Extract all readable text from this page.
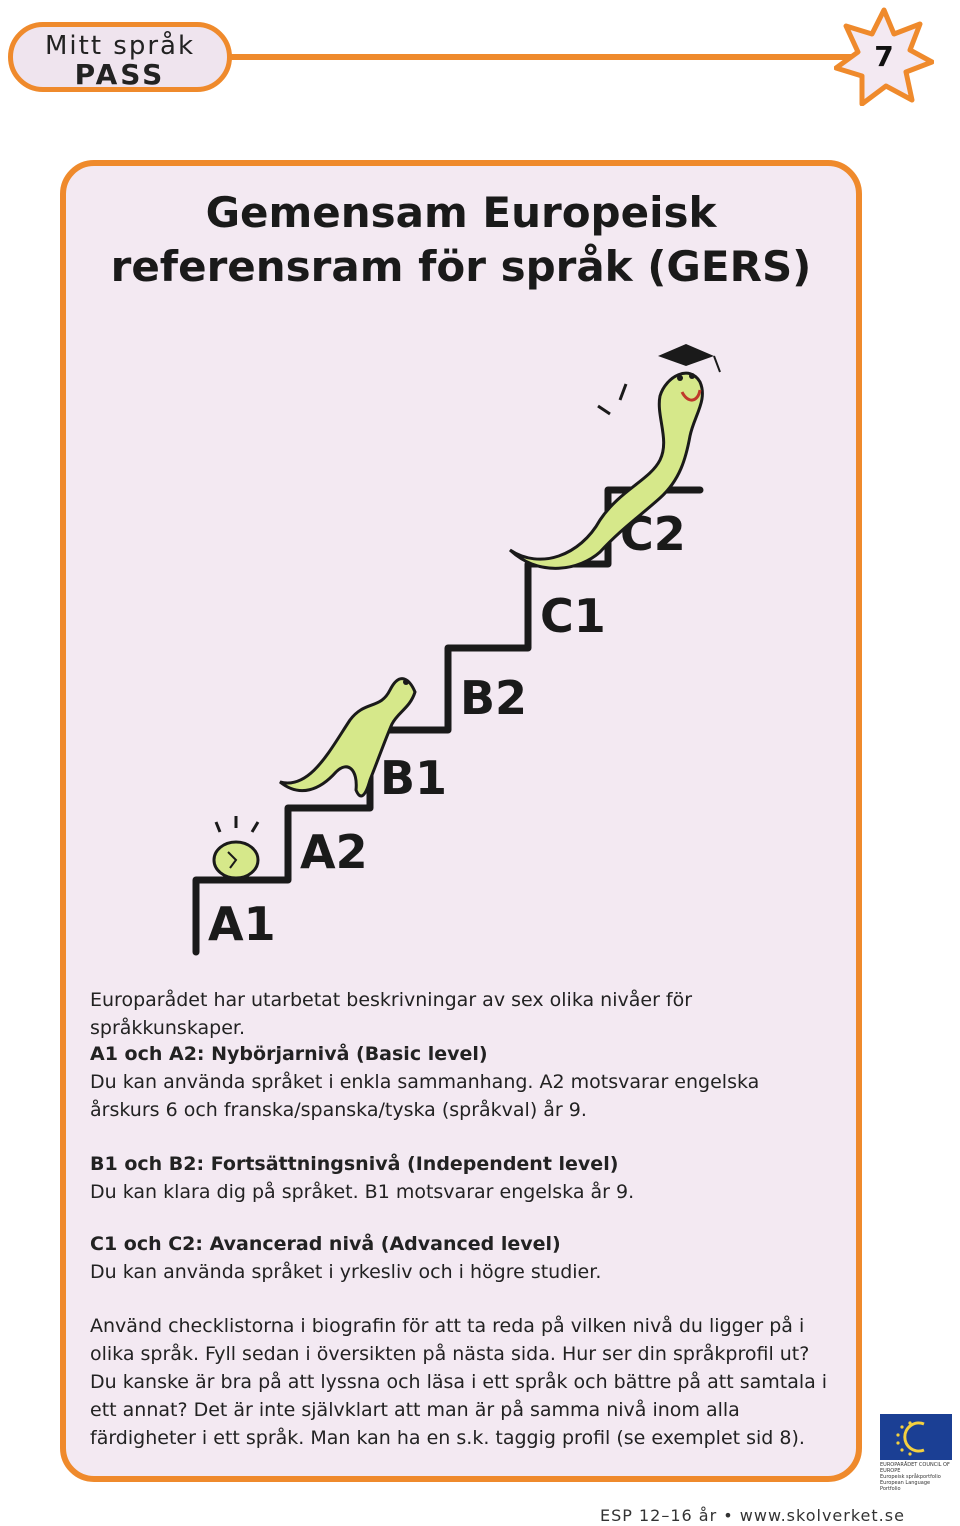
Mitt språk
PASS
7
Gemensam Europeisk
referensram för språk (GERS)
A1
A2
B1
B2
C1
C2

Europarådet har utarbetat beskrivningar av sex olika nivåer för språkkunskaper.

A1 och A2: Nybörjarnivå (Basic level)

Du kan använda språket i enkla sammanhang. A2 motsvarar engelska

årskurs 6 och franska/spanska/tyska (språkval) år 9.

B1 och B2: Fortsättningsnivå (Independent level)

Du kan klara dig på språket. B1 motsvarar engelska år 9.

C1 och C2: Avancerad nivå (Advanced level)

Du kan använda språket i yrkesliv och i högre studier.

Använd checklistorna i biografin för att ta reda på vilken nivå du ligger på i olika språk. Fyll sedan i översikten på nästa sida. Hur ser din språkprofil ut? Du kanske är bra på att lyssna och läsa i ett språk och bättre på att samtala i ett annat? Det är inte självklart att man är på samma nivå inom alla färdigheter i ett språk. Man kan ha en s.k. taggig profil (se exemplet sid 8).

EUROPARÅDET COUNCIL OF EUROPE
Europeisk språkportfolio
European Language Portfolio
ESP 12–16 år • www.skolverket.se
